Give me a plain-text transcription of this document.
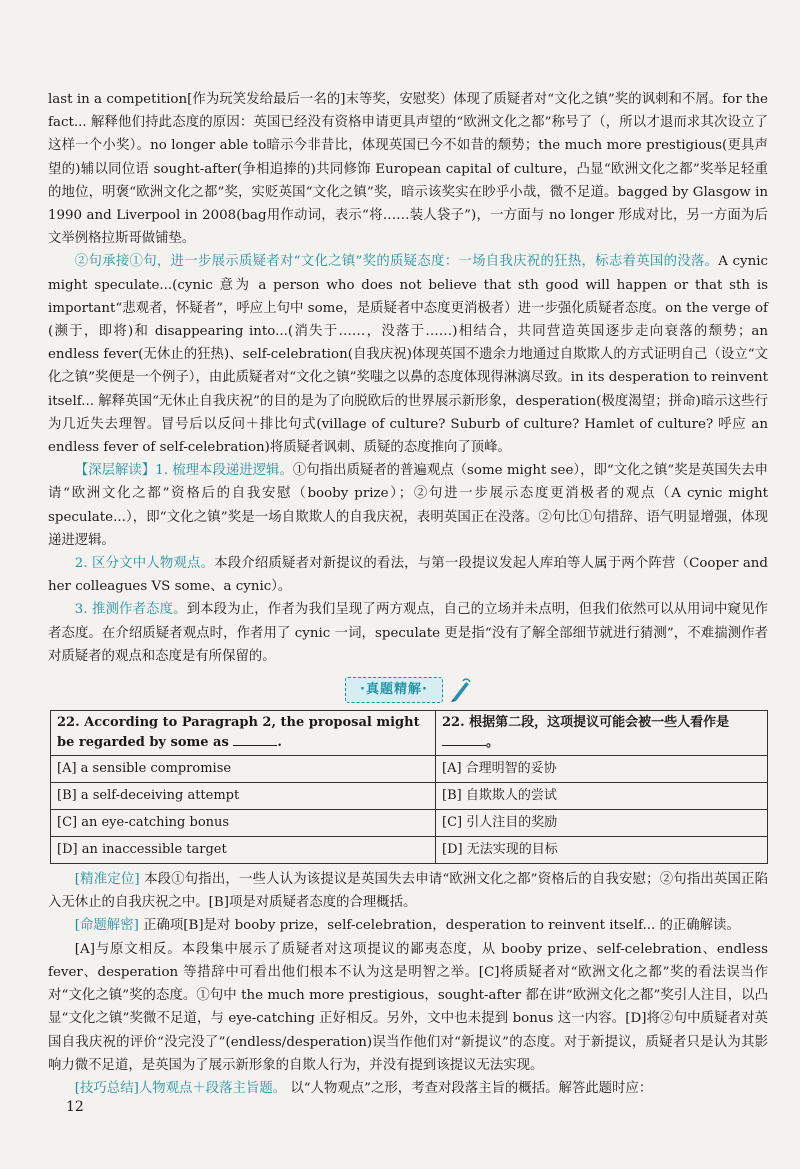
last in a competition[作为玩笑发给最后一名的]末等奖，安慰奖）体现了质疑者对“文化之镇”奖的讽刺和不屑。for the fact... 解释他们持此态度的原因：英国已经没有资格申请更具声望的“欧洲文化之都”称号了（，所以才退而求其次设立了这样一个小奖）。no longer able to暗示今非昔比，体现英国已今不如昔的颓势；the much more prestigious(更具声望的)辅以同位语 sought-after(争相追捧的)共同修饰 European capital of culture，凸显“欧洲文化之都”奖举足轻重的地位，明褒“欧洲文化之都”奖，实贬英国“文化之镇”奖，暗示该奖实在眇乎小哉，微不足道。bagged by Glasgow in 1990 and Liverpool in 2008(bag用作动词，表示“将……装人袋子”)，一方面与 no longer 形成对比，另一方面为后文举例格拉斯哥做铺垫。

②句承接①句，进一步展示质疑者对“文化之镇”奖的质疑态度：一场自我庆祝的狂热，标志着英国的没落。A cynic might speculate...(cynic 意为 a person who does not believe that sth good will happen or that sth is important“悲观者，怀疑者”，呼应上句中 some，是质疑者中态度更消极者）进一步强化质疑者态度。on the verge of (濒于，即将)和 disappearing into...(消失于……，没落于……)相结合，共同营造英国逐步走向衰落的颓势；an endless fever(无休止的狂热)、self-celebration(自我庆祝)体现英国不遗余力地通过自欺欺人的方式证明自己（设立“文化之镇”奖便是一个例子），由此质疑者对“文化之镇”奖嗤之以鼻的态度体现得淋漓尽致。in its desperation to reinvent itself... 解释英国“无休止自我庆祝”的目的是为了向脱欧后的世界展示新形象，desperation(极度渴望；拼命)暗示这些行为几近失去理智。冒号后以反问＋排比句式(village of culture? Suburb of culture? Hamlet of culture? 呼应 an endless fever of self-celebration)将质疑者讽刺、质疑的态度推向了顶峰。

【深层解读】1. 梳理本段递进逻辑。①句指出质疑者的普遍观点（some might see），即“文化之镇”奖是英国失去申请“欧洲文化之都”资格后的自我安慰（booby prize）；②句进一步展示态度更消极者的观点（A cynic might speculate...），即“文化之镇”奖是一场自欺欺人的自我庆祝，表明英国正在没落。②句比①句措辞、语气明显增强，体现递进逻辑。

2. 区分文中人物观点。本段介绍质疑者对新提议的看法，与第一段提议发起人库珀等人属于两个阵营（Cooper and her colleagues VS some、a cynic）。

3. 推测作者态度。到本段为止，作者为我们呈现了两方观点，自己的立场并未点明，但我们依然可以从用词中窥见作者态度。在介绍质疑者观点时，作者用了 cynic 一词，speculate 更是指“没有了解全部细节就进行猜测”，不难揣测作者对质疑者的观点和态度是有所保留的。

·真题精解·
22. According to Paragraph 2, the proposal might be regarded by some as .	22. 根据第二段，这项提议可能会被一些人看作是。
[A] a sensible compromise	[A] 合理明智的妥协
[B] a self-deceiving attempt	[B] 自欺欺人的尝试
[C] an eye-catching bonus	[C] 引人注目的奖励
[D] an inaccessible target	[D] 无法实现的目标

[精准定位] 本段①句指出，一些人认为该提议是英国失去申请“欧洲文化之都”资格后的自我安慰；②句指出英国正陷入无休止的自我庆祝之中。[B]项是对质疑者态度的合理概括。

[命题解密] 正确项[B]是对 booby prize，self-celebration，desperation to reinvent itself... 的正确解读。

[A]与原文相反。本段集中展示了质疑者对这项提议的鄙夷态度，从 booby prize、self-celebration、endless fever、desperation 等措辞中可看出他们根本不认为这是明智之举。[C]将质疑者对“欧洲文化之都”奖的看法误当作对“文化之镇”奖的态度。①句中 the much more prestigious，sought-after 都在讲“欧洲文化之都”奖引人注目，以凸显“文化之镇”奖微不足道，与 eye-catching 正好相反。另外，文中也未提到 bonus 这一内容。[D]将②句中质疑者对英国自我庆祝的评价“没完没了”(endless/desperation)误当作他们对“新提议”的态度。对于新提议，质疑者只是认为其影响力微不足道，是英国为了展示新形象的自欺人行为，并没有提到该提议无法实现。

[技巧总结]人物观点＋段落主旨题。 以“人物观点”之形，考查对段落主旨的概括。解答此题时应：

12
